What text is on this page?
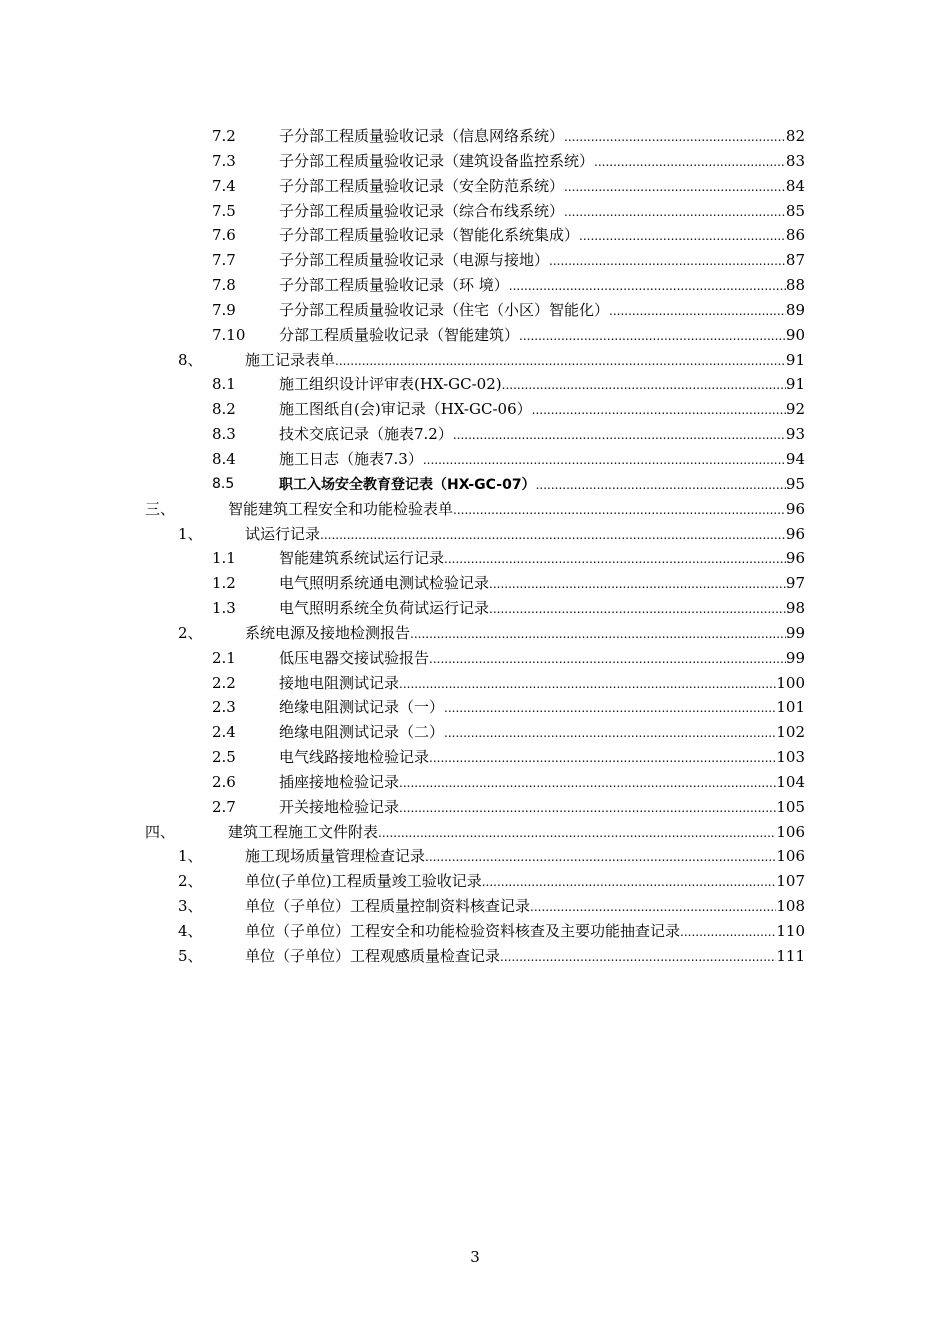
7.2	子分部工程质量验收记录（信息网络系统） .....	82
7.3	子分部工程质量验收记录（建筑设备监控系统） .....	83
7.4	子分部工程质量验收记录（安全防范系统） .....	84
7.5	子分部工程质量验收记录（综合布线系统） .....	85
7.6	子分部工程质量验收记录（智能化系统集成） .....	86
7.7	子分部工程质量验收记录（电源与接地） .....	87
7.8	子分部工程质量验收记录（环 境） .....	88
7.9	子分部工程质量验收记录（住宅（小区）智能化） .....	89
7.10 分部工程质量验收记录（智能建筑） .....	90
8、	施工记录表单 .....	91
8.1	施工组织设计评审表(HX-GC-02) .....	91
8.2	施工图纸自(会)审记录（HX-GC-06） .....	92
8.3	技术交底记录（施表7.2） .....	93
8.4	施工日志（施表7.3） .....	94
8.5	职工入场安全教育登记表（HX-GC-07） .....	95
三、	智能建筑工程安全和功能检验表单 .....	96
1、	试运行记录 .....	96
1.1	智能建筑系统试运行记录 .....	96
1.2	电气照明系统通电测试检验记录 .....	97
1.3	电气照明系统全负荷试运行记录 .....	98
2、	系统电源及接地检测报告 .....	99
2.1	低压电器交接试验报告 .....	99
2.2	接地电阻测试记录 .....	100
2.3	绝缘电阻测试记录（一） .....	101
2.4	绝缘电阻测试记录（二） .....	102
2.5	电气线路接地检验记录 .....	103
2.6	插座接地检验记录 .....	104
2.7	开关接地检验记录 .....	105
四、	建筑工程施工文件附表 .....	106
1、	施工现场质量管理检查记录 .....	106
2、	单位(子单位)工程质量竣工验收记录 .....	107
3、	单位（子单位）工程质量控制资料核查记录 .....	108
4、	单位（子单位）工程安全和功能检验资料核查及主要功能抽查记录 .....	110
5、	单位（子单位）工程观感质量检查记录 .....	111
3
